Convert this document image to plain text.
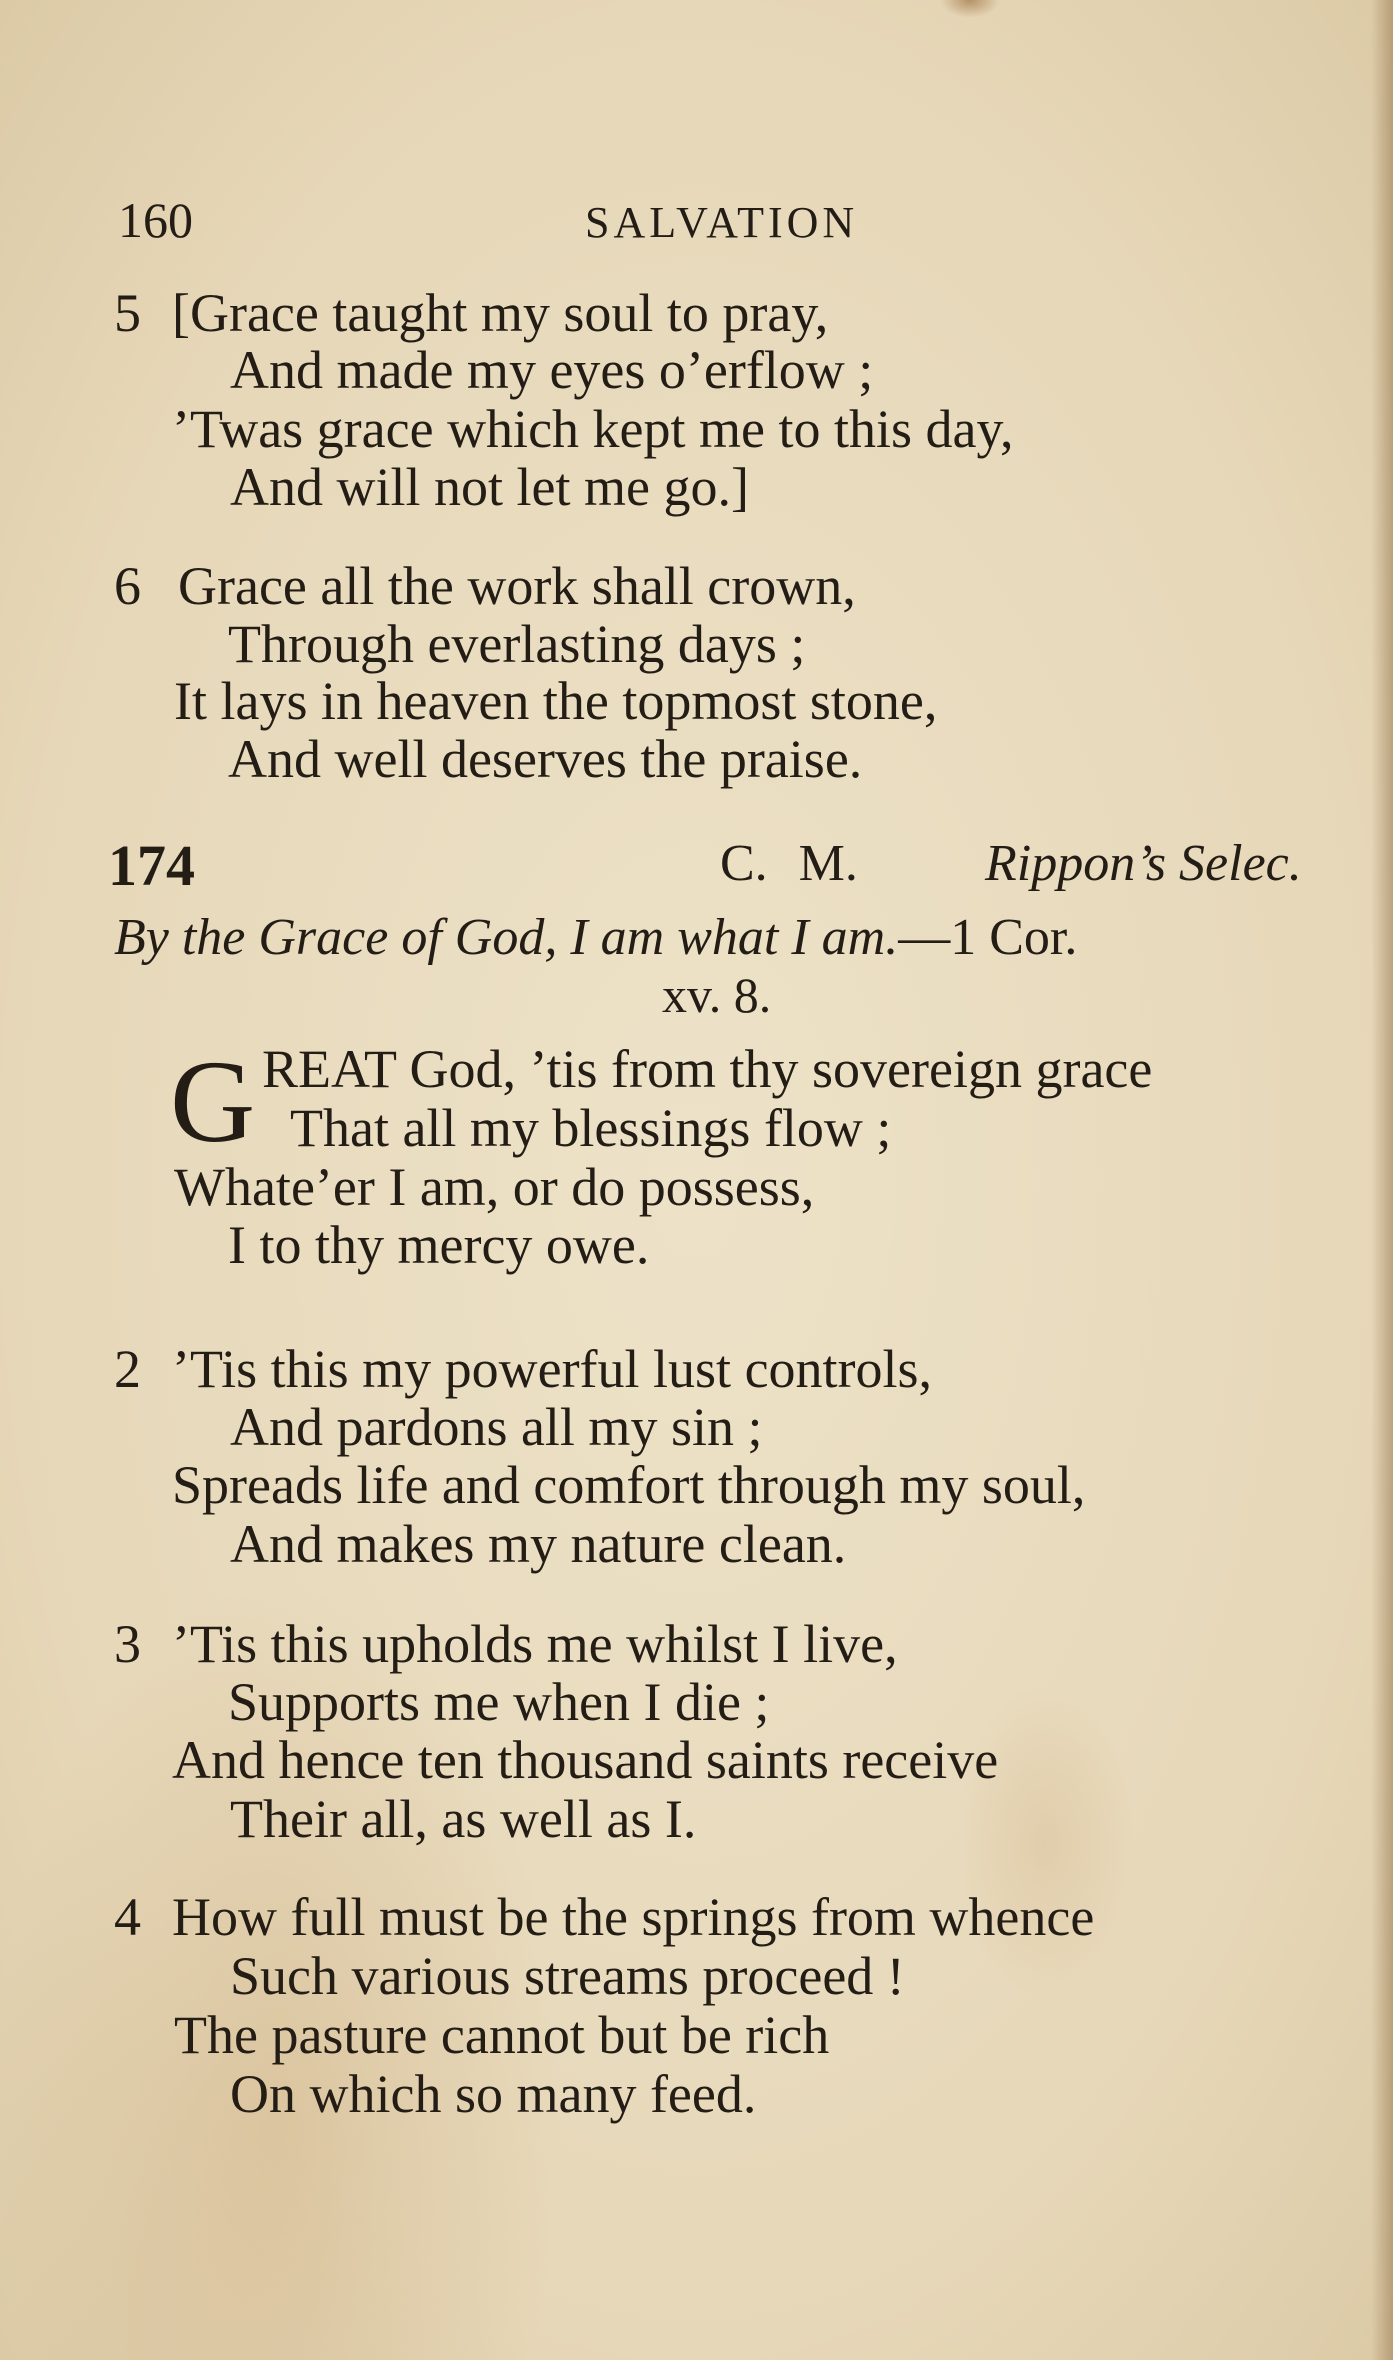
160	SALVATION
5 [Grace taught my soul to pray,
And made my eyes o’erflow ;
’Twas grace which kept me to this day,
And will not let me go.]
6 Grace all the work shall crown,
Through everlasting days ;
It lays in heaven the topmost stone,
And well deserves the praise.
174	C. M. Rippon’s Selec.
By the Grace of God, I am what I am.—1 Cor.
xv. 8.
G REAT God, ’tis from thy sovereign grace
That all my blessings flow ;
Whate’er I am, or do possess,
I to thy mercy owe.
2 ’Tis this my powerful lust controls,
And pardons all my sin ;
Spreads life and comfort through my soul,
And makes my nature clean.
3 ’Tis this upholds me whilst I live,
Supports me when I die ;
And hence ten thousand saints receive
Their all, as well as I.
4 How full must be the springs from whence
Such various streams proceed !
The pasture cannot but be rich
On which so many feed.
